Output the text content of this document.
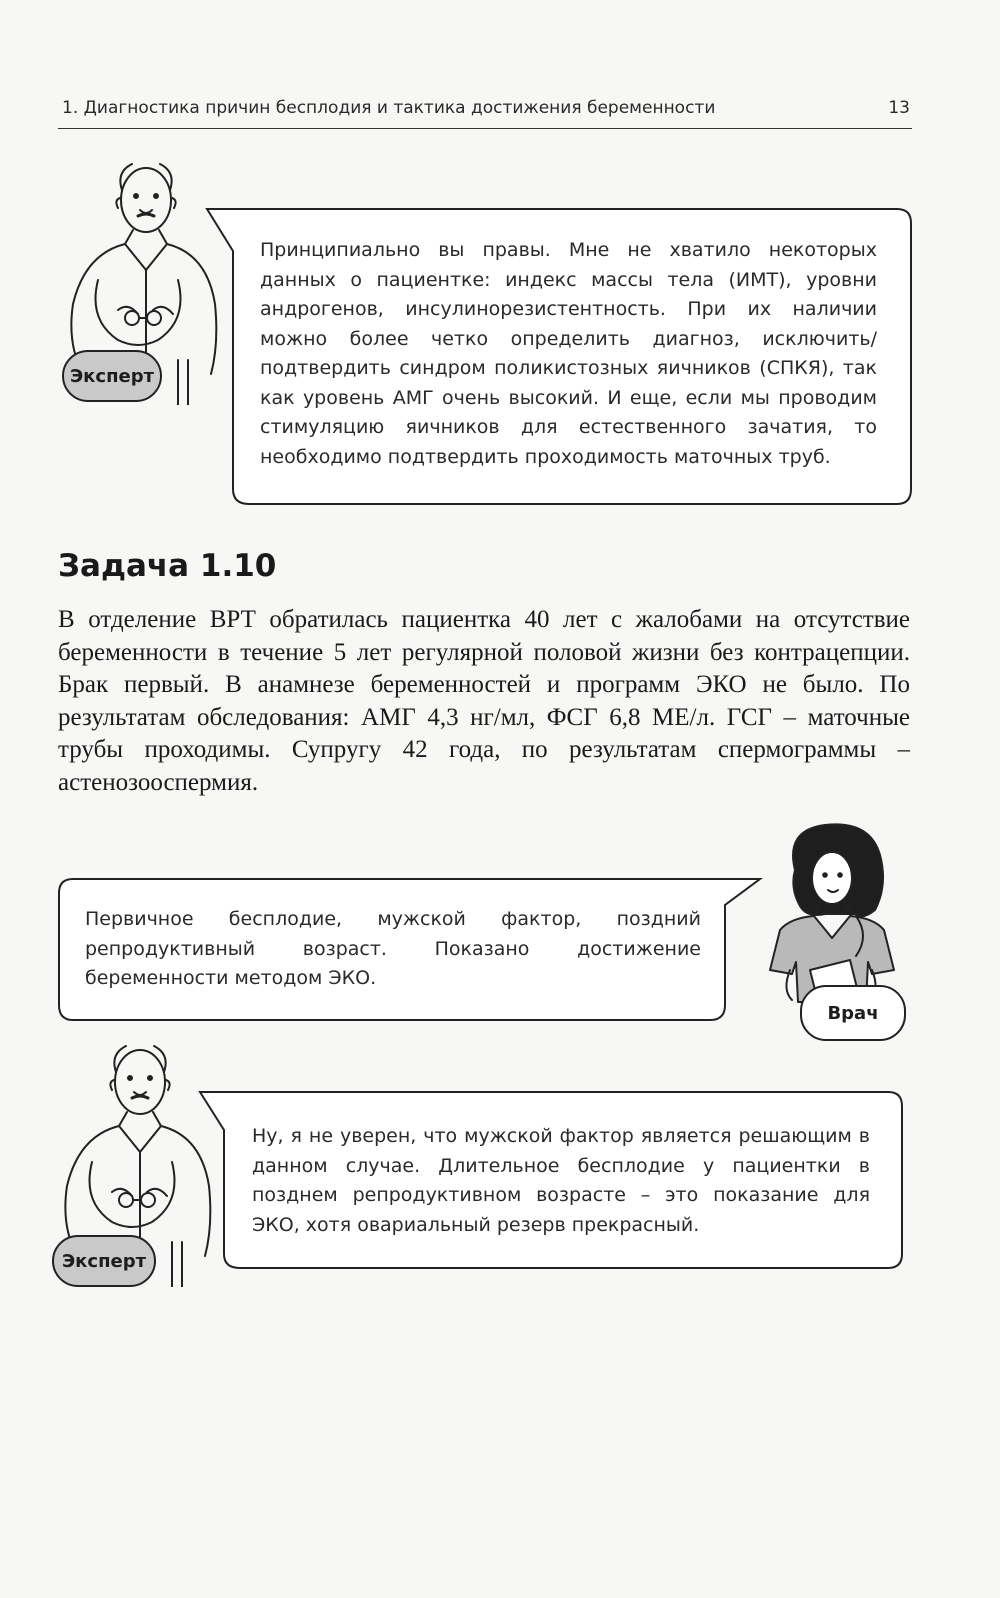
1. Диагностика причин бесплодия и тактика достижения беременности	13
Эксперт
Принципиально вы правы. Мне не хватило некоторых данных о пациентке: индекс массы тела (ИМТ), уровни андрогенов, инсулинорезистентность. При их наличии можно более четко определить диагноз, исключить/подтвердить синдром поликистозных яичников (СПКЯ), так как уровень АМГ очень высокий. И еще, если мы проводим стимуляцию яичников для естественного зачатия, то необходимо подтвердить проходимость маточных труб.
Задача 1.10
В отделение ВРТ обратилась пациентка 40 лет с жалобами на отсутствие беременности в течение 5 лет регулярной половой жизни без контрацепции. Брак первый. В анамнезе беременностей и программ ЭКО не было. По результатам обследования: АМГ 4,3 нг/мл, ФСГ 6,8 МЕ/л. ГСГ – маточные трубы проходимы. Супругу 42 года, по результатам спермограммы – астенозооспермия.
Первичное бесплодие, мужской фактор, поздний репродуктивный возраст. Показано достижение беременности методом ЭКО.
Врач
Эксперт
Ну, я не уверен, что мужской фактор является решающим в данном случае. Длительное бесплодие у пациентки в позднем репродуктивном возрасте – это показание для ЭКО, хотя овариальный резерв прекрасный.
